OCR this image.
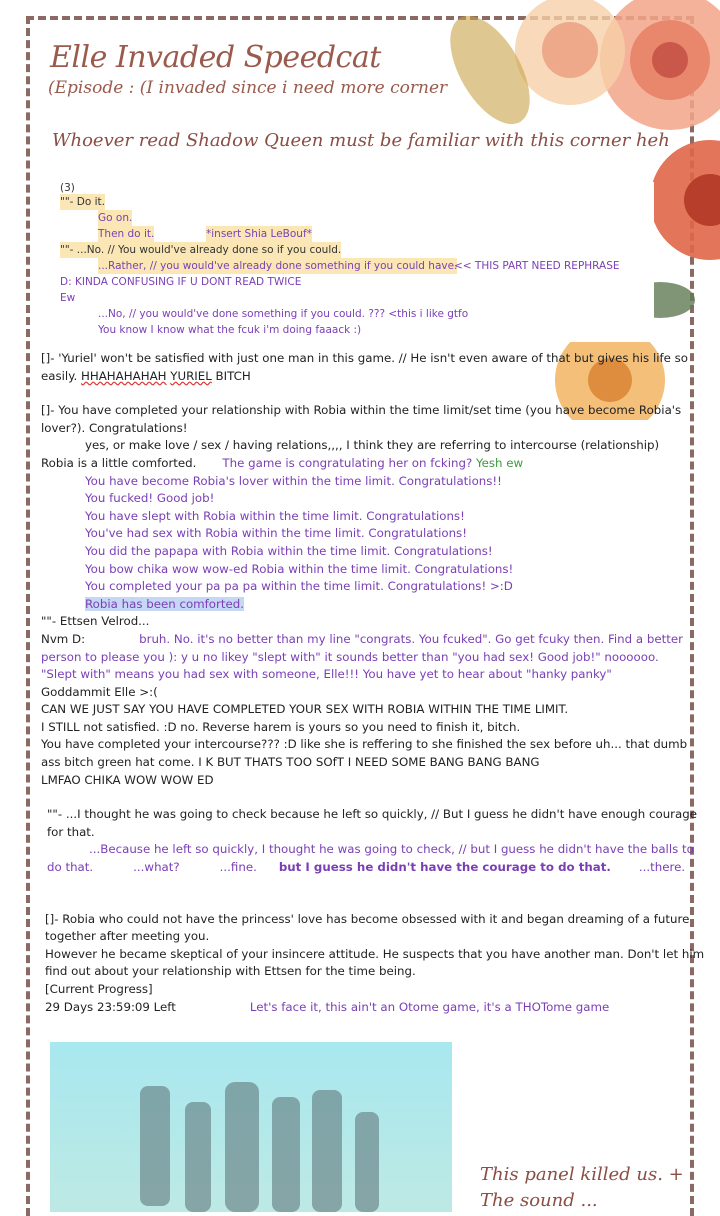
Elle Invaded Speedcat
(Episode : (I invaded since i need more corner
Whoever read Shadow Queen must be familiar with this corner heh
(3)
""- Do it.
Go on.
Then do it.	*insert Shia LeBouf*
""- ...No. // You would've already done so if you could.
...Rather, // you would've already done something if you could have.
<< THIS PART NEED REPHRASE
D: KINDA CONFUSING IF U DONT READ TWICE
Ew
...No, // you would've done something if you could. ??? <this i like gtfo
You know I know what the fcuk i'm doing faaack :)
[]- 'Yuriel' won't be satisfied with just one man in this game. // He isn't even aware of that but gives his life so
easily. HHAHAHAHAH YURIEL BITCH
[]- You have completed your relationship with Robia within the time limit/set time (you have become Robia's
lover?). Congratulations!
yes, or make love / sex / having relations,,,, I think they are referring to intercourse (relationship)
Robia is a little comforted. The game is congratulating her on fcking? Yesh ew
You have become Robia's lover within the time limit. Congratulations!!
You fucked! Good job!
You have slept with Robia within the time limit. Congratulations!
You've had sex with Robia within the time limit. Congratulations!
You did the papapa with Robia within the time limit. Congratulations!
You bow chika wow wow-ed Robia within the time limit. Congratulations!
You completed your pa pa pa within the time limit. Congratulations! >:D
Robia has been comforted.
""- Ettsen Velrod...
Nvm D:	bruh. No. it's no better than my line "congrats. You fcuked". Go get fcuky then. Find a better
person to please you ): y u no likey "slept with" it sounds better than "you had sex! Good job!" noooooo.
"Slept with" means you had sex with someone, Elle!!! You have yet to hear about "hanky panky"
Goddammit Elle >:(
CAN WE JUST SAY YOU HAVE COMPLETED YOUR SEX WITH ROBIA WITHIN THE TIME LIMIT.
I STILL not satisfied. :D no. Reverse harem is yours so you need to finish it, bitch.
You have completed your intercourse??? :D like she is reffering to she finished the sex before uh... that dumb
ass bitch green hat come. I K BUT THATS TOO SOfT I NEED SOME BANG BANG BANG
LMFAO CHIKA WOW WOW ED
""- ...I thought he was going to check because he left so quickly, // But I guess he didn't have enough courage
for that.
...Because he left so quickly, I thought he was going to check, // but I guess he didn't have the balls to
do that.	...what?	...fine. but I guess he didn't have the courage to do that. ...there.
[]- Robia who could not have the princess' love has become obsessed with it and began dreaming of a future
together after meeting you.
However he became skeptical of your insincere attitude. He suspects that you have another man. Don't let him
find out about your relationship with Ettsen for the time being.
[Current Progress]
29 Days 23:59:09 Left	Let's face it, this ain't an Otome game, it's a THOTome game
This panel killed us. +
The sound ...
